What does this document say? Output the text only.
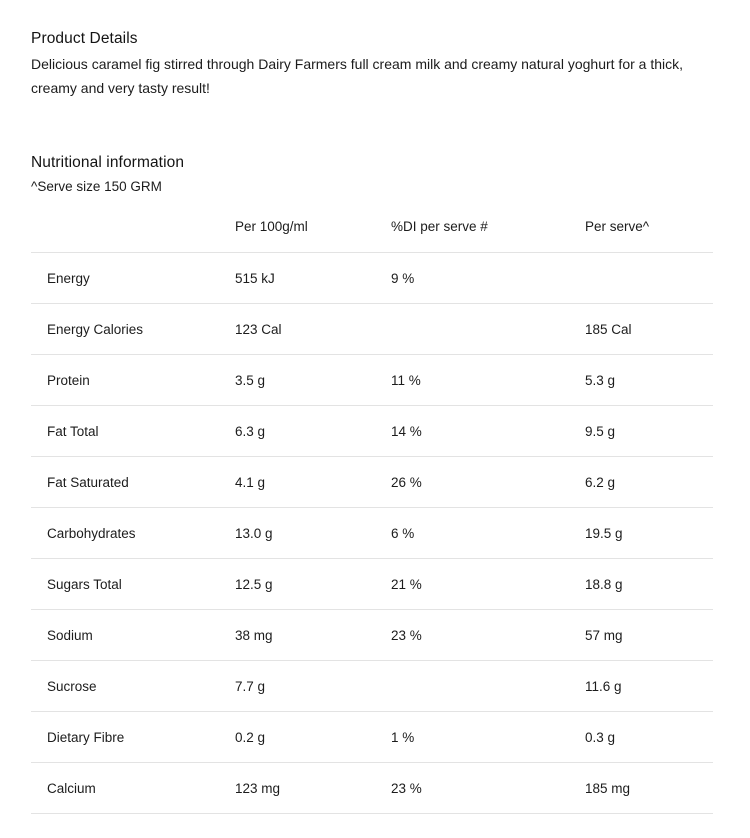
Product Details

Delicious caramel fig stirred through Dairy Farmers full cream milk and creamy natural yoghurt for a thick, creamy and very tasty result!

Nutritional information
^Serve size 150 GRM
	Per 100g/ml	%DI per serve #	Per serve^
Energy	515 kJ	9 %	
Energy Calories	123 Cal		185 Cal
Protein	3.5 g	11 %	5.3 g
Fat Total	6.3 g	14 %	9.5 g
Fat Saturated	4.1 g	26 %	6.2 g
Carbohydrates	13.0 g	6 %	19.5 g
Sugars Total	12.5 g	21 %	18.8 g
Sodium	38 mg	23 %	57 mg
Sucrose	7.7 g		11.6 g
Dietary Fibre	0.2 g	1 %	0.3 g
Calcium	123 mg	23 %	185 mg
